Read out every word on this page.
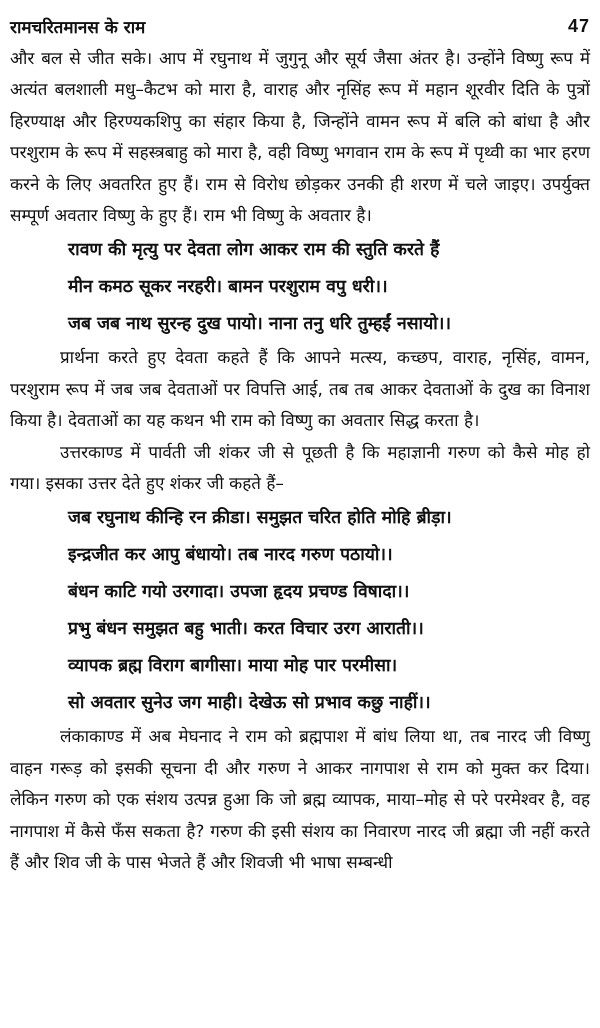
रामचरितमानस के राम	47

और बल से जीत सके। आप में रघुनाथ में जुगुनू और सूर्य जैसा अंतर है। उन्होंने विष्णु रूप में अत्यंत बलशाली मधु–कैटभ को मारा है, वाराह और नृसिंह रूप में महान शूरवीर दिति के पुत्रों हिरण्याक्ष और हिरण्यकशिपु का संहार किया है, जिन्होंने वामन रूप में बलि को बांधा है और परशुराम के रूप में सहस्त्रबाहु को मारा है, वही विष्णु भगवान राम के रूप में पृथ्वी का भार हरण करने के लिए अवतरित हुए हैं। राम से विरोध छोड़कर उनकी ही शरण में चले जाइए। उपर्युक्त सम्पूर्ण अवतार विष्णु के हुए हैं। राम भी विष्णु के अवतार है।

रावण की मृत्यु पर देवता लोग आकर राम की स्तुति करते हैं

मीन कमठ सूकर नरहरी। बामन परशुराम वपु धरी।।

जब जब नाथ सुरन्ह दुख पायो। नाना तनु धरि तुम्हईं नसायो।।

प्रार्थना करते हुए देवता कहते हैं कि आपने मत्स्य, कच्छप, वाराह, नृसिंह, वामन, परशुराम रूप में जब जब देवताओं पर विपत्ति आई, तब तब आकर देवताओं के दुख का विनाश किया है। देवताओं का यह कथन भी राम को विष्णु का अवतार सिद्ध करता है।

उत्तरकाण्ड में पार्वती जी शंकर जी से पूछती है कि महाज्ञानी गरुण को कैसे मोह हो गया। इसका उत्तर देते हुए शंकर जी कहते हैं–

जब रघुनाथ कीन्हि रन क्रीडा। समुझत चरित होति मोहि ब्रीड़ा।

इन्द्रजीत कर आपु बंधायो। तब नारद गरुण पठायो।।

बंधन काटि गयो उरगादा। उपजा हृदय प्रचण्ड विषादा।।

प्रभु बंधन समुझत बहु भाती। करत विचार उरग आराती।।

व्यापक ब्रह्म विराग बागीसा। माया मोह पार परमीसा।

सो अवतार सुनेउ जग माही। देखेऊ सो प्रभाव कछु नाहीं।।

लंकाकाण्ड में अब मेघनाद ने राम को ब्रह्मपाश में बांध लिया था, तब नारद जी विष्णु वाहन गरूड़ को इसकी सूचना दी और गरुण ने आकर नागपाश से राम को मुक्त कर दिया। लेकिन गरुण को एक संशय उत्पन्न हुआ कि जो ब्रह्म व्यापक, माया–मोह से परे परमेश्वर है, वह नागपाश में कैसे फँस सकता है? गरुण की इसी संशय का निवारण नारद जी ब्रह्मा जी नहीं करते हैं और शिव जी के पास भेजते हैं और शिवजी भी भाषा सम्बन्धी
